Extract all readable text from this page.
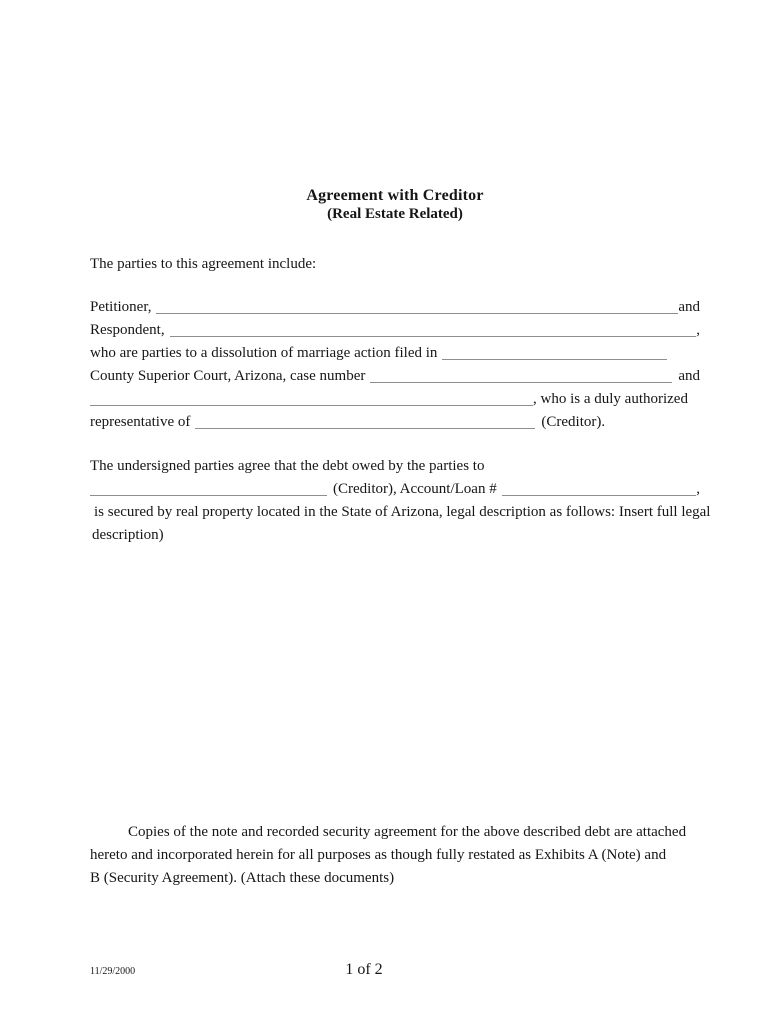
Agreement with Creditor
(Real Estate Related)

The parties to this agreement include:

Petitioner,	and
Respondent,	,
who are parties to a dissolution of marriage action filed in
County Superior Court, Arizona, case number	and
, who is a duly authorized
representative of	(Creditor).
The undersigned parties agree that the debt owed by the parties to
(Creditor), Account/Loan #	,
is secured by real property located in the State of Arizona, legal description as follows: Insert full legal
description)
Copies of the note and recorded security agreement for the above described debt are attached
hereto and incorporated herein for all purposes as though fully restated as Exhibits A (Note) and
B (Security Agreement). (Attach these documents)
11/29/2000	1 of 2
